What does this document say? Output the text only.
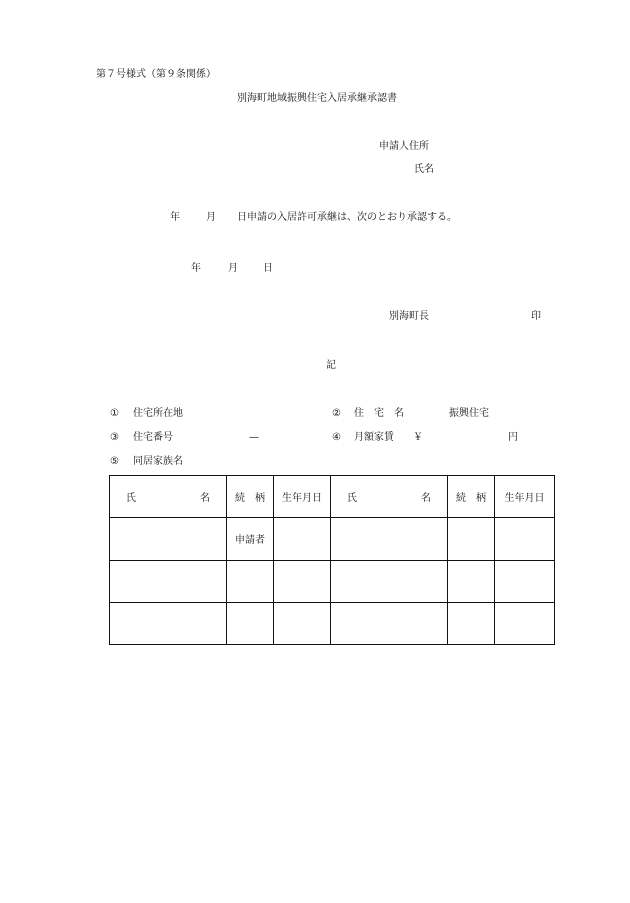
第７号様式（第９条関係）
別海町地域振興住宅入居承継承認書
申請人住所
氏名
年	月 日申請の入居許可承継は、次のとおり承認する。
年	月	日
別海町長	印
記
① 住宅所在地	② 住　宅　名	振興住宅
③ 住宅番号	—	④ 月額家賃 ￥	円
⑤ 同居家族名
氏 名	続　柄	生年月日	氏 名	続　柄	生年月日
	申請者				
